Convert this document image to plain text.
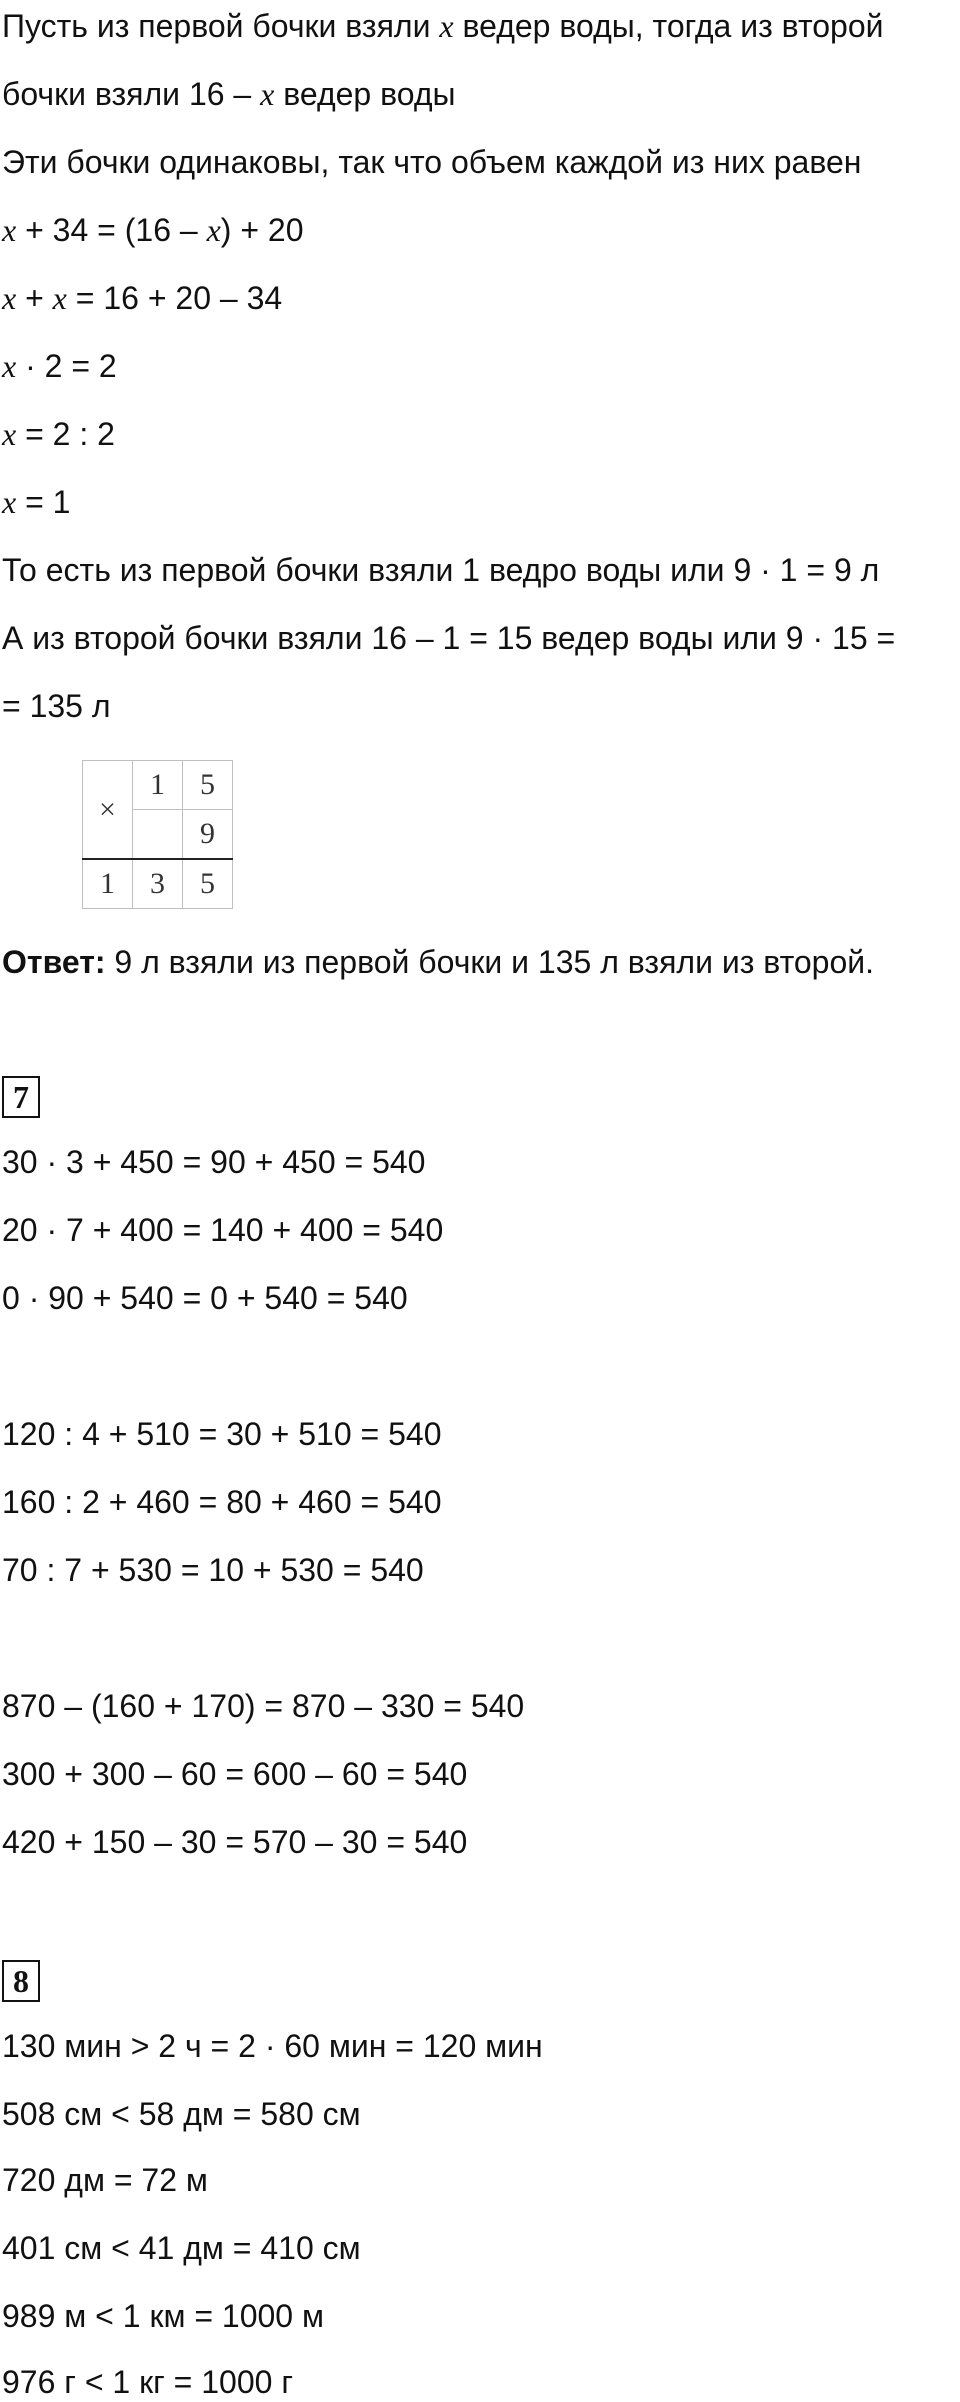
Пусть из первой бочки взяли x ведер воды, тогда из второй
бочки взяли 16 – x ведер воды
Эти бочки одинаковы, так что объем каждой из них равен
x + 34 = (16 – x) + 20
x + x = 16 + 20 – 34
x · 2 = 2
x = 2 : 2
x = 1
То есть из первой бочки взяли 1 ведро воды или 9 · 1 = 9 л
А из второй бочки взяли 16 – 1 = 15 ведер воды или 9 · 15 =
= 135 л
×	1	5
		9
1	3	5
Ответ: 9 л взяли из первой бочки и 135 л взяли из второй.
7
30 · 3 + 450 = 90 + 450 = 540
20 · 7 + 400 = 140 + 400 = 540
0 · 90 + 540 = 0 + 540 = 540
120 : 4 + 510 = 30 + 510 = 540
160 : 2 + 460 = 80 + 460 = 540
70 : 7 + 530 = 10 + 530 = 540
870 – (160 + 170) = 870 – 330 = 540
300 + 300 – 60 = 600 – 60 = 540
420 + 150 – 30 = 570 – 30 = 540
8
130 мин > 2 ч = 2 · 60 мин = 120 мин
508 см < 58 дм = 580 см
720 дм = 72 м
401 см < 41 дм = 410 см
989 м < 1 км = 1000 м
976 г < 1 кг = 1000 г
